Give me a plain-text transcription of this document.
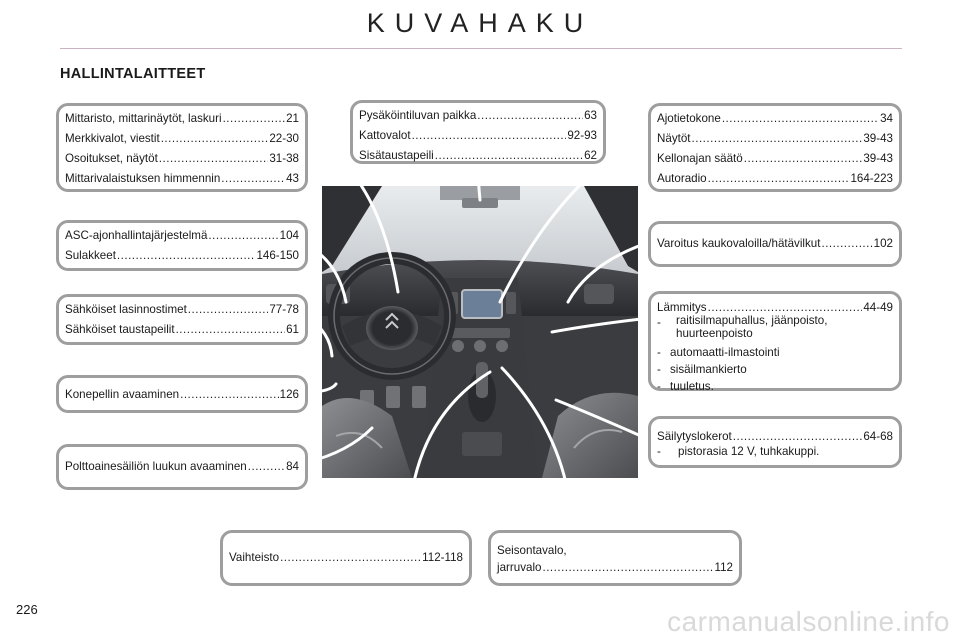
KUVAHAKU
HALLINTALAITTEET
Mittaristo, mittarinäytöt, laskuri .....	21
Merkkivalot, viestit .....	22-30
Osoitukset, näytöt .....	31-38
Mittarivalaistuksen himmennin .....	43
ASC-ajonhallintajärjestelmä .....	104
Sulakkeet .....	146-150
Sähköiset lasinnostimet .....	77-78
Sähköiset taustapeilit .....	61
Konepellin avaaminen .....	126
Polttoainesäiliön luukun avaaminen .....	84
Pysäköintiluvan paikka .....	63
Kattovalot .....	92-93
Sisätaustapeili .....	62
Ajotietokone .....	34
Näytöt .....	39-43
Kellonajan säätö .....	39-43
Autoradio .....	164-223
Varoitus kaukovaloilla/hätävilkut .....	102
Lämmitys .....	44-49
-	raitisilmapuhallus, jäänpoisto, huurteenpoisto
- automaatti-ilmastointi
- sisäilmankierto
- tuuletus.
Säilytyslokerot .....	64-68
-	pistorasia 12 V, tuhkakuppi.
Vaihteisto .....	112-118
Seisontavalo,
jarruvalo .....	112
226	carmanualsonline.info
